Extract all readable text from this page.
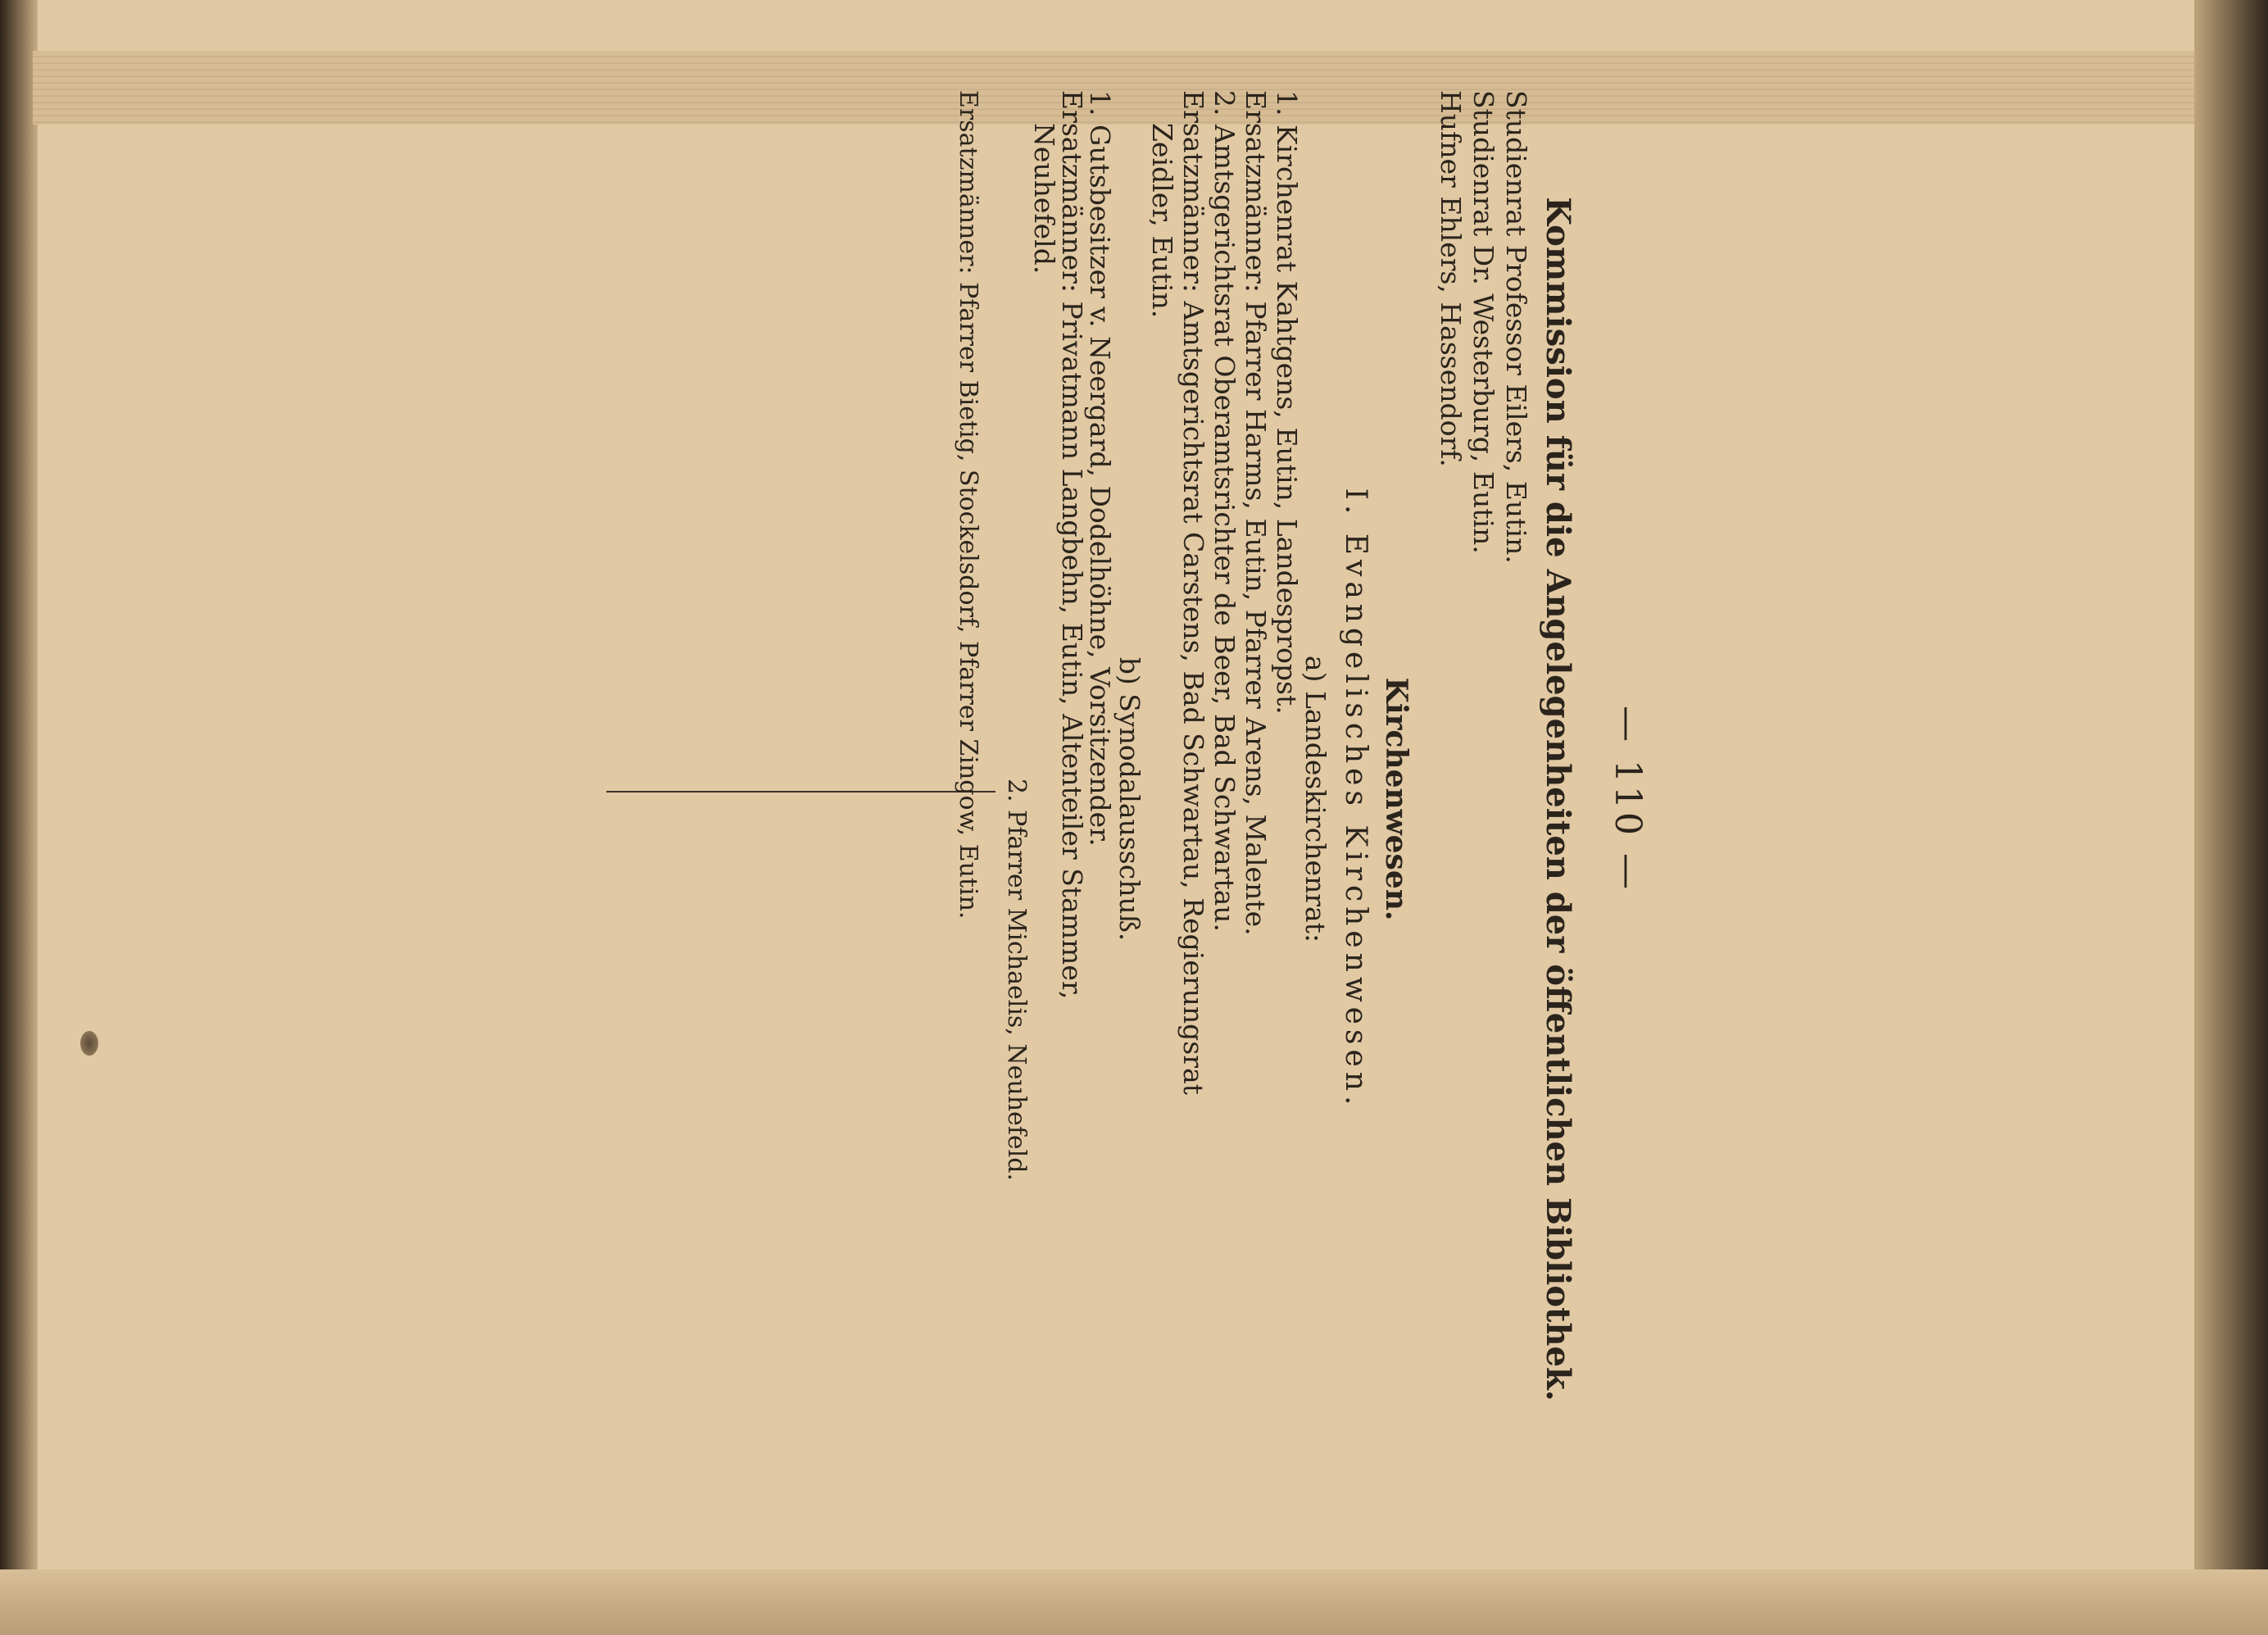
— 110 —
Kommission für die Angelegenheiten der öffentlichen Bibliothek.
Studienrat Professor Eilers, Eutin.
Studienrat Dr. Westerburg, Eutin.
Hufner Ehlers, Hassendorf.
Kirchenwesen.
I. Evangelisches Kirchenwesen.
a) Landeskirchenrat:
1. Kirchenrat Kahtgens, Eutin, Landespropst.
Ersatzmänner: Pfarrer Harms, Eutin, Pfarrer Arens, Malente.
2. Amtsgerichtsrat Oberamtsrichter de Beer, Bad Schwartau.
Ersatzmänner: Amtsgerichtsrat Carstens, Bad Schwartau, Regierungsrat
Zeidler, Eutin.
b) Synodalausschuß.
1. Gutsbesitzer v. Neergard, Dodelhöhne, Vorsitzender.
Ersatzmänner: Privatmann Langbehn, Eutin, Altenteiler Stammer,
Neuhefeld.
2. Pfarrer Michaelis, Neuhefeld.
Ersatzmänner: Pfarrer Bietig, Stockelsdorf, Pfarrer Zingow, Eutin.
